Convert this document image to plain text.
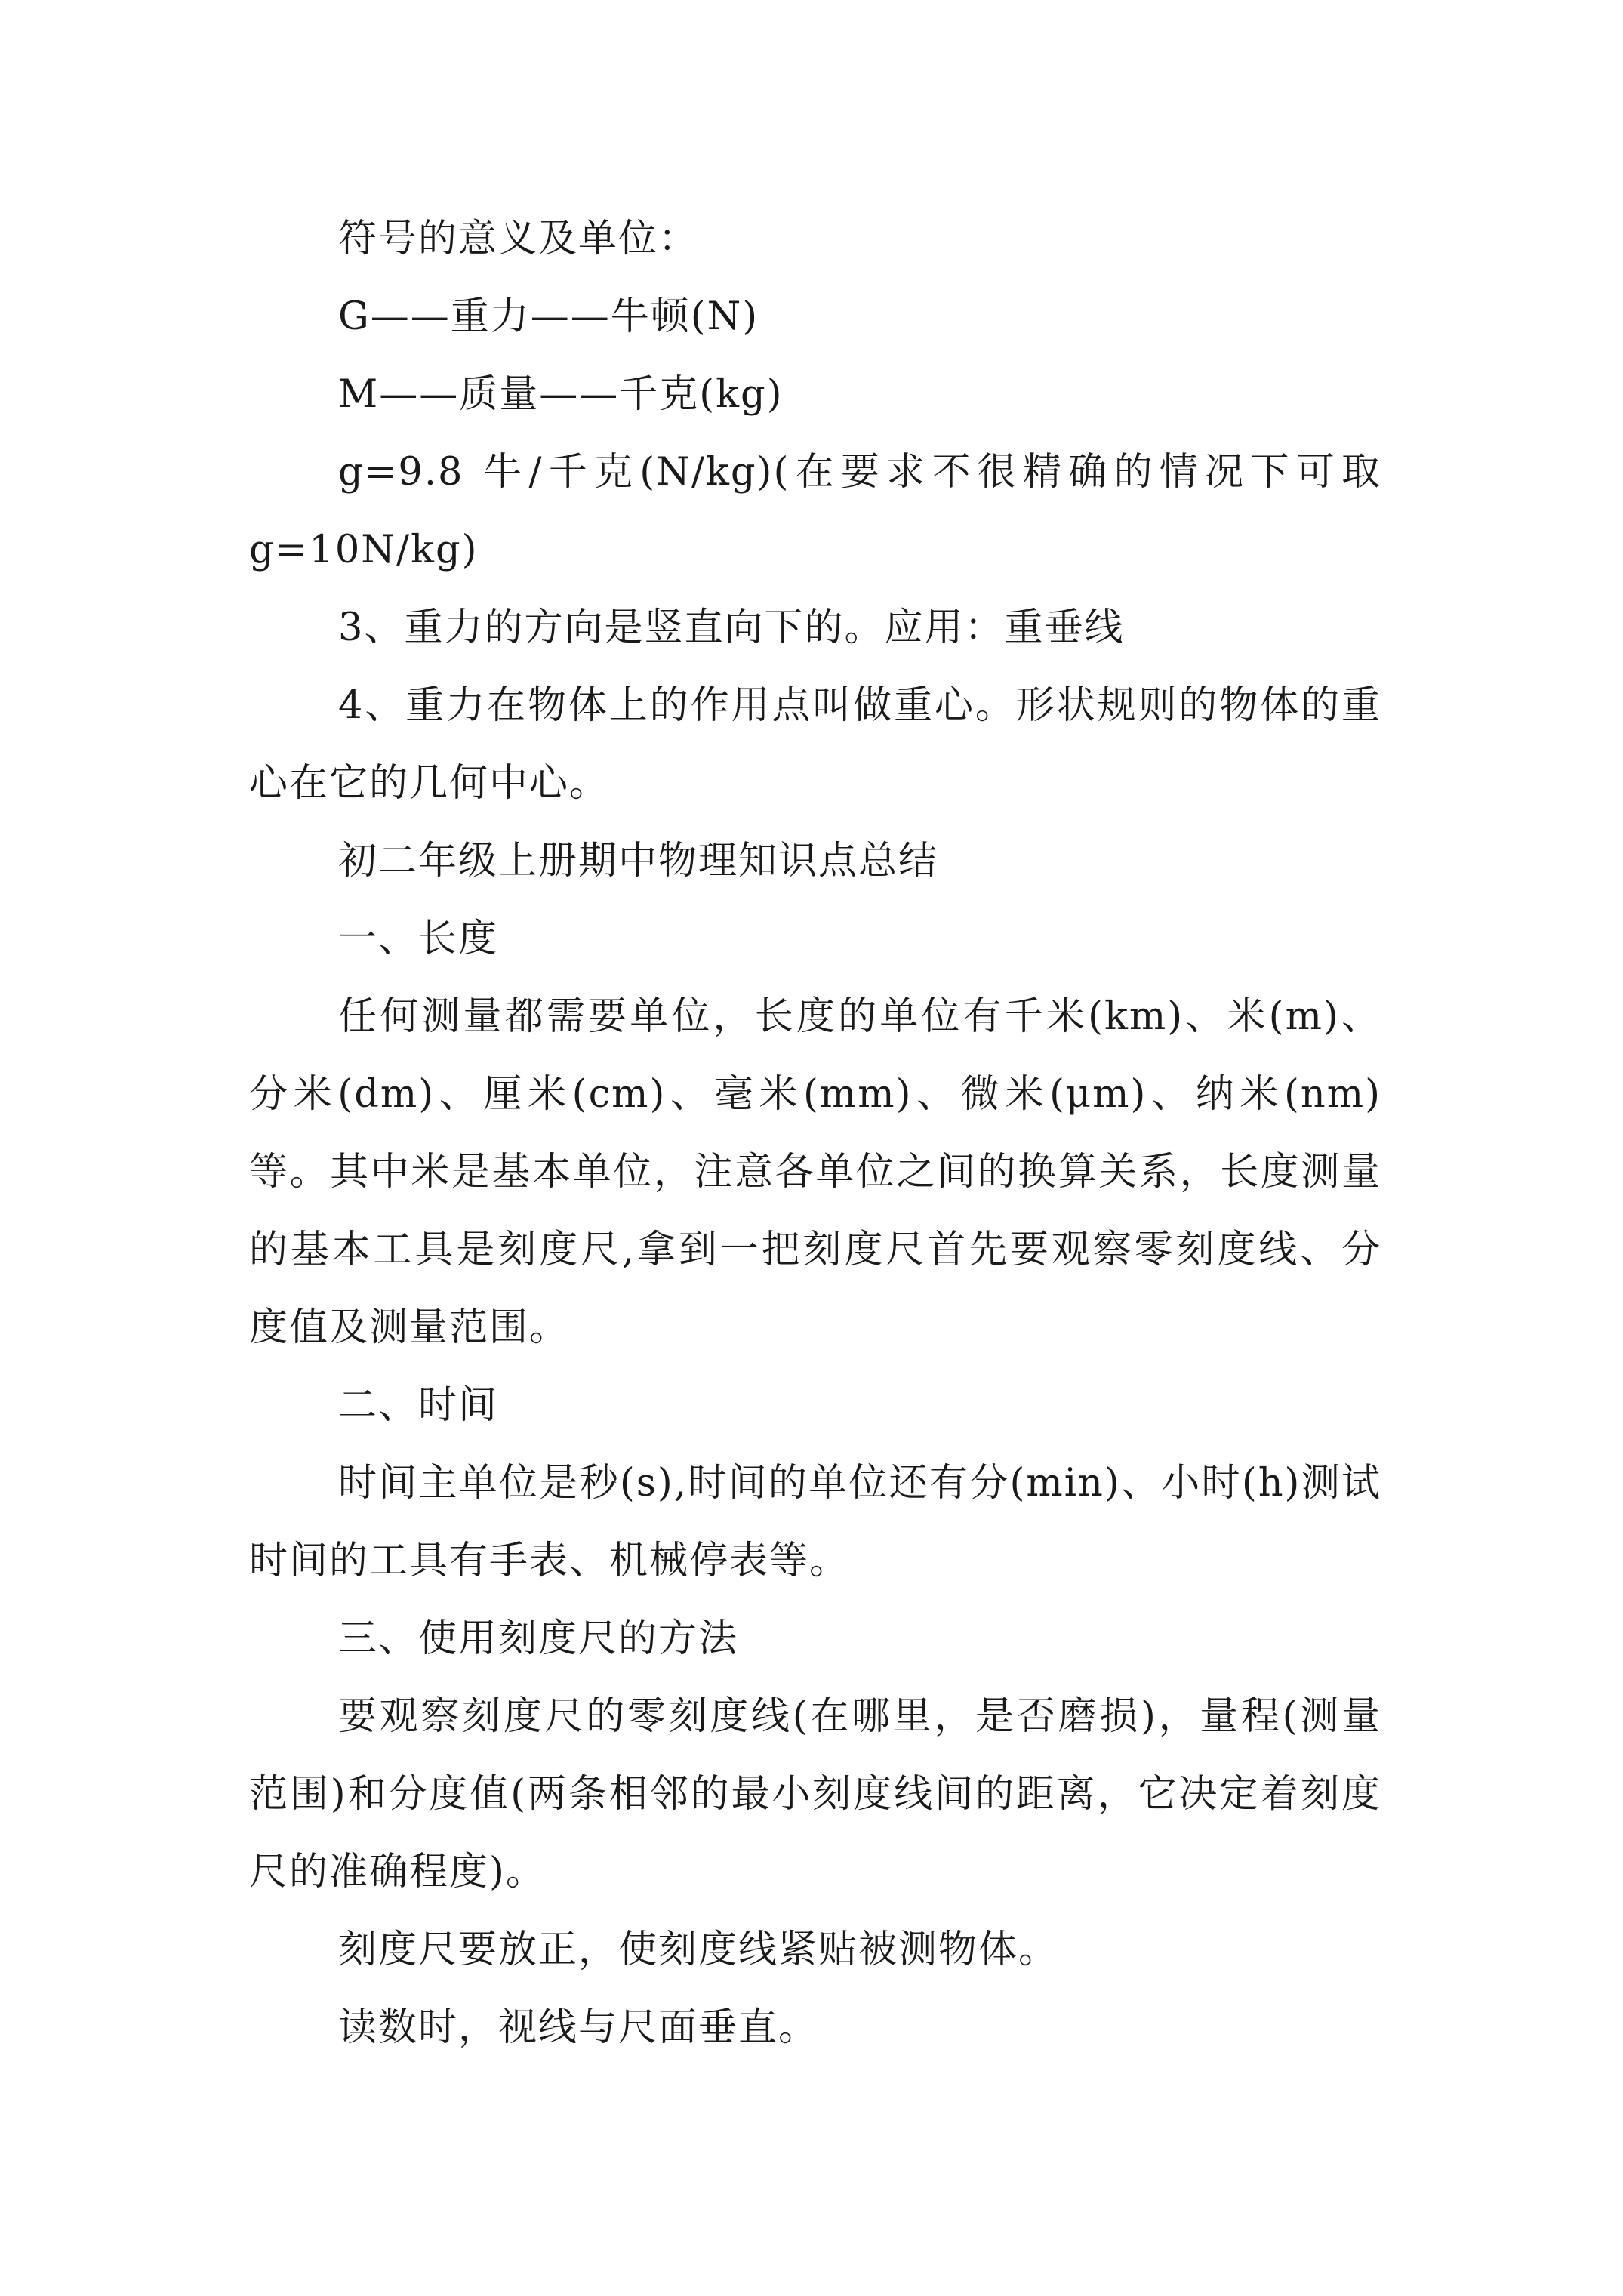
符号的意义及单位：

G——重力——牛顿(N)

M——质量——千克(kg)

g=9.8 牛/千克(N/kg)(在要求不很精确的情况下可取g=10N/kg)

3、重力的方向是竖直向下的。应用：重垂线

4、重力在物体上的作用点叫做重心。形状规则的物体的重心在它的几何中心。

初二年级上册期中物理知识点总结

一、长度

任何测量都需要单位，长度的单位有千米(km)、米(m)、分米(dm)、厘米(cm)、毫米(mm)、微米(μm)、纳米(nm)等。其中米是基本单位，注意各单位之间的换算关系，长度测量的基本工具是刻度尺,拿到一把刻度尺首先要观察零刻度线、分度值及测量范围。

二、时间

时间主单位是秒(s),时间的单位还有分(min)、小时(h)测试时间的工具有手表、机械停表等。

三、使用刻度尺的方法

要观察刻度尺的零刻度线(在哪里，是否磨损)，量程(测量范围)和分度值(两条相邻的最小刻度线间的距离，它决定着刻度尺的准确程度)。

刻度尺要放正，使刻度线紧贴被测物体。

读数时，视线与尺面垂直。
